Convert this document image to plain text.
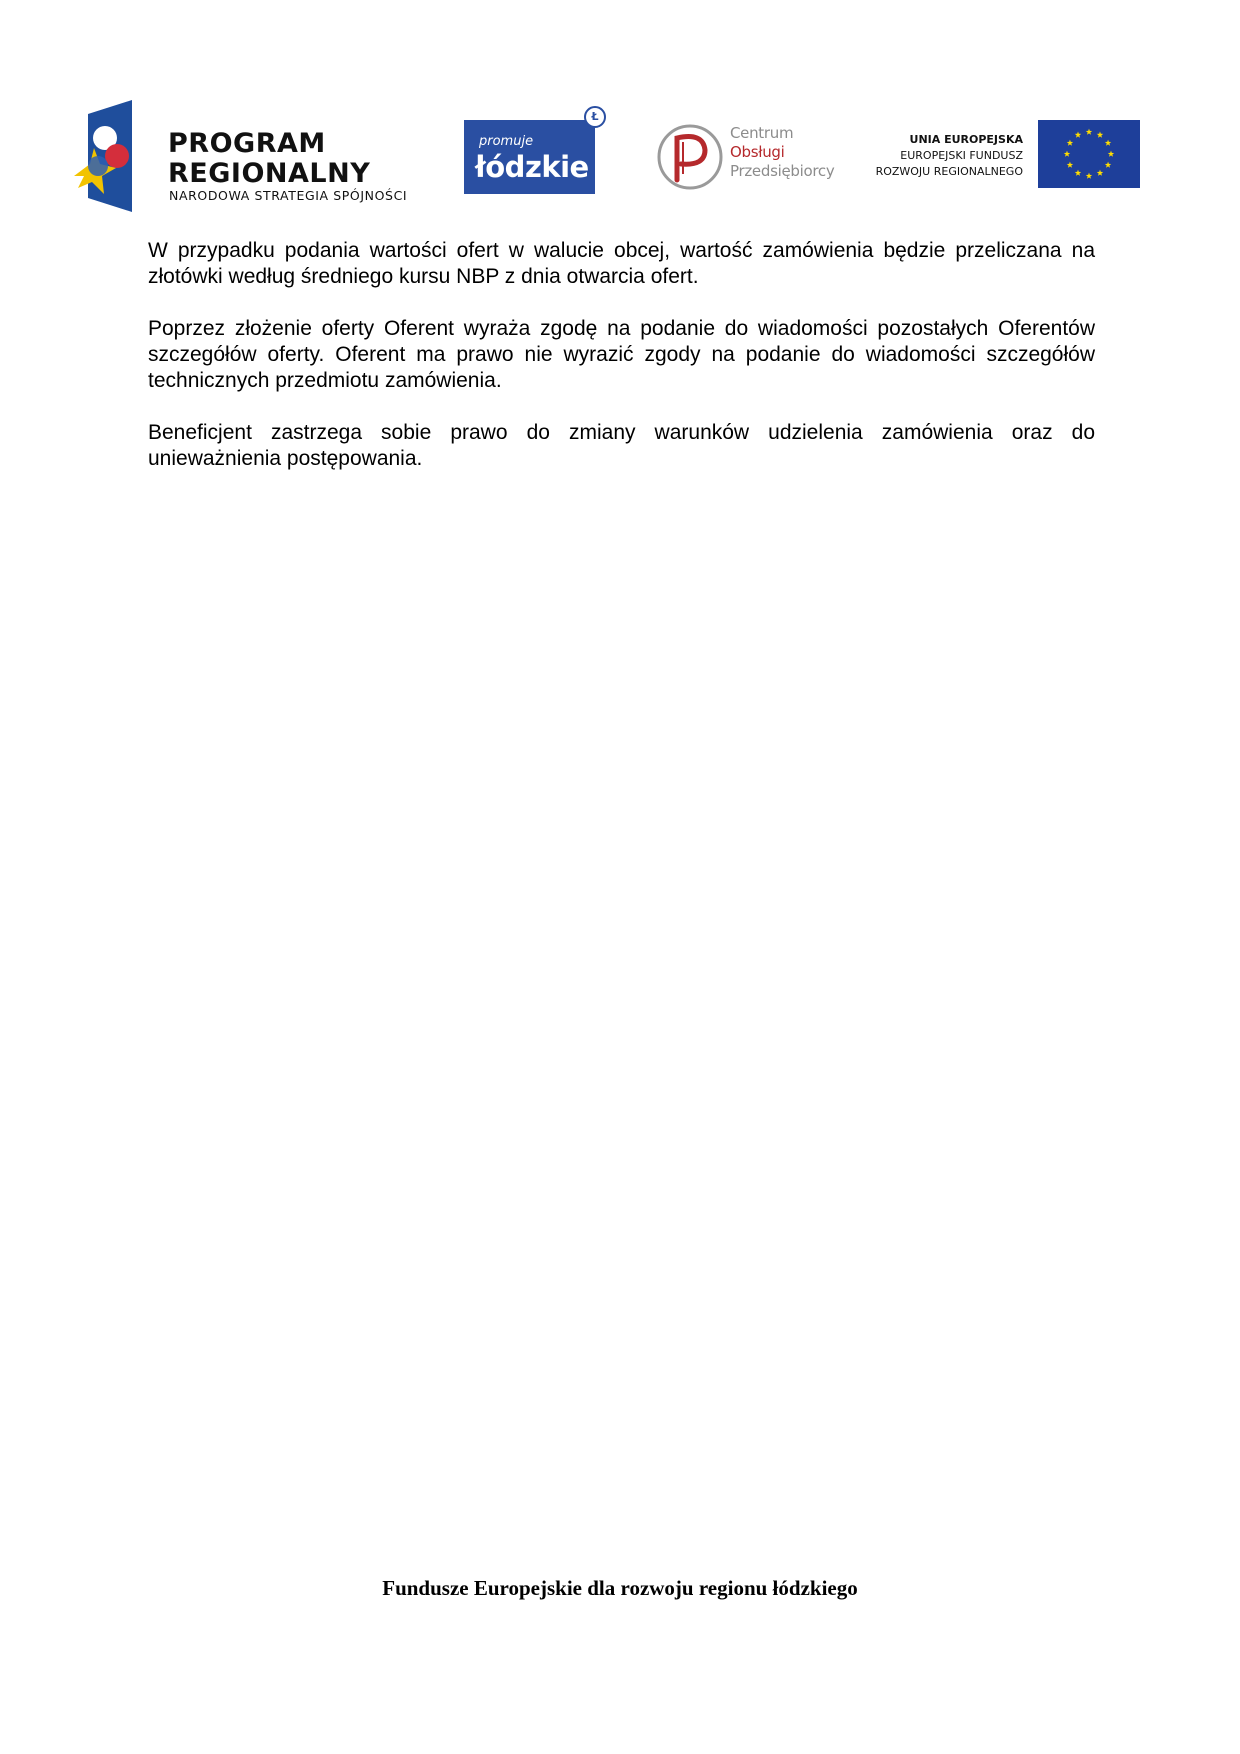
PROGRAM
REGIONALNY
NARODOWA STRATEGIA SPÓJNOŚCI
promuje
łódzkie
Ł
Centrum
Obsługi
Przedsiębiorcy
UNIA EUROPEJSKA
EUROPEJSKI FUNDUSZ
ROZWOJU REGIONALNEGO

W przypadku podania wartości ofert w walucie obcej, wartość zamówienia będzie przeliczana na złotówki według średniego kursu NBP z dnia otwarcia ofert.

Poprzez złożenie oferty Oferent wyraża zgodę na podanie do wiadomości pozostałych Oferentów szczegółów oferty. Oferent ma prawo nie wyrazić zgody na podanie do wiadomości szczegółów technicznych przedmiotu zamówienia.

Beneficjent zastrzega sobie prawo do zmiany warunków udzielenia zamówienia oraz do unieważnienia postępowania.

Fundusze Europejskie dla rozwoju regionu łódzkiego
